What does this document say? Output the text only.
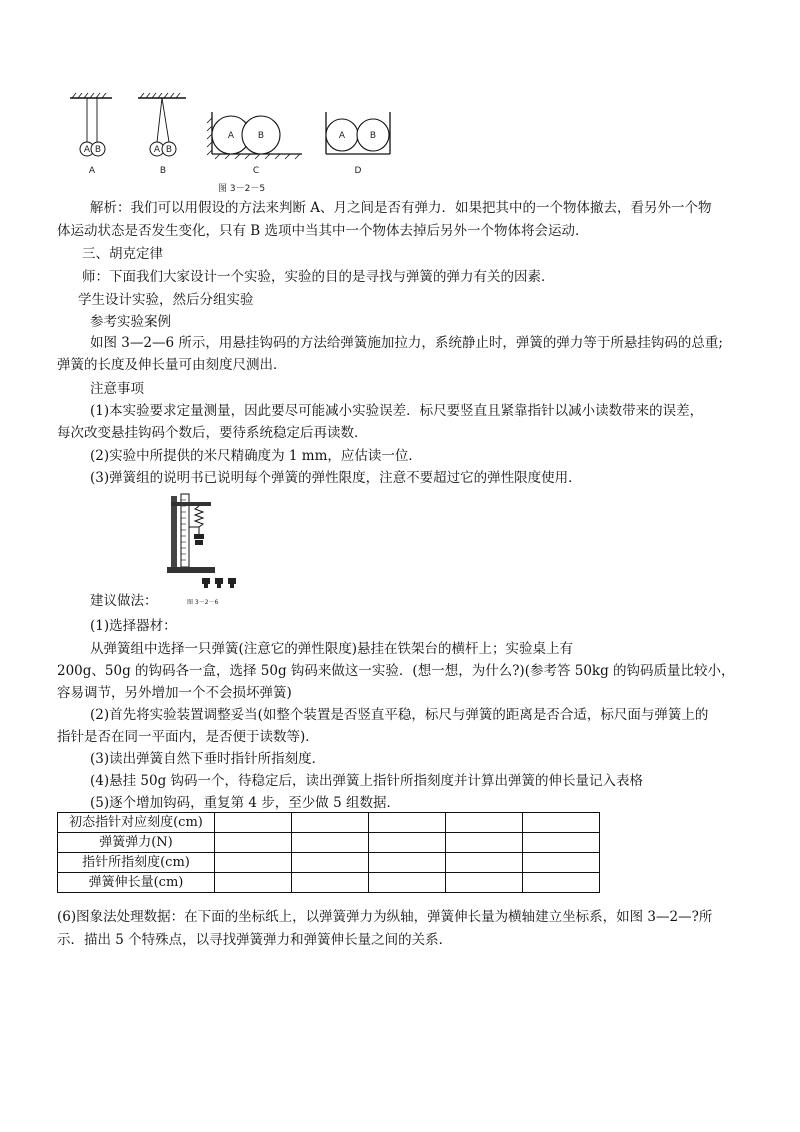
A B
A
A B
B
A	B
C
A	B
D
图 3－2－5
解析：我们可以用假设的方法来判断 A、月之间是否有弹力．如果把其中的一个物体撤去，看另外一个物
体运动状态是否发生变化，只有 B 选项中当其中一个物体去掉后另外一个物体将会运动．
三、胡克定律
师：下面我们大家设计一个实验，实验的目的是寻找与弹簧的弹力有关的因素．
学生设计实验，然后分组实验
参考实验案例
如图 3—2—6 所示，用悬挂钩码的方法给弹簧施加拉力，系统静止时，弹簧的弹力等于所悬挂钩码的总重;
弹簧的长度及伸长量可由刻度尺测出．
注意事项
(1)本实验要求定量测量，因此要尽可能减小实验误差．标尺要竖直且紧靠指针以减小读数带来的误差，
每次改变悬挂钩码个数后，要待系统稳定后再读数．
(2)实验中所提供的米尺精确度为 1 mm，应估读一位．
(3)弹簧组的说明书已说明每个弹簧的弹性限度，注意不要超过它的弹性限度使用．
图 3－2－6
建议做法：
(1)选择器材：
从弹簧组中选择一只弹簧(注意它的弹性限度)悬挂在铁架台的横杆上；实验桌上有
200g、50g 的钩码各一盒，选择 50g 钩码来做这一实验．(想一想，为什么?)(参考答 50kg 的钩码质量比较小，
容易调节，另外增加一个不会损坏弹簧)
(2)首先将实验装置调整妥当(如整个装置是否竖直平稳，标尺与弹簧的距离是否合适，标尺面与弹簧上的
指针是否在同一平面内，是否便于读数等)．
(3)读出弹簧自然下垂时指针所指刻度．
(4)悬挂 50g 钩码一个，待稳定后，读出弹簧上指针所指刻度并计算出弹簧的伸长量记入表格
(5)逐个增加钩码，重复第 4 步，至少做 5 组数据．
初态指针对应刻度(cm)					
弹簧弹力(N)					
指针所指刻度(cm)					
弹簧伸长量(cm)					
(6)图象法处理数据：在下面的坐标纸上，以弹簧弹力为纵轴，弹簧伸长量为横轴建立坐标系，如图 3—2—?所
示．描出 5 个特殊点，以寻找弹簧弹力和弹簧伸长量之间的关系．
